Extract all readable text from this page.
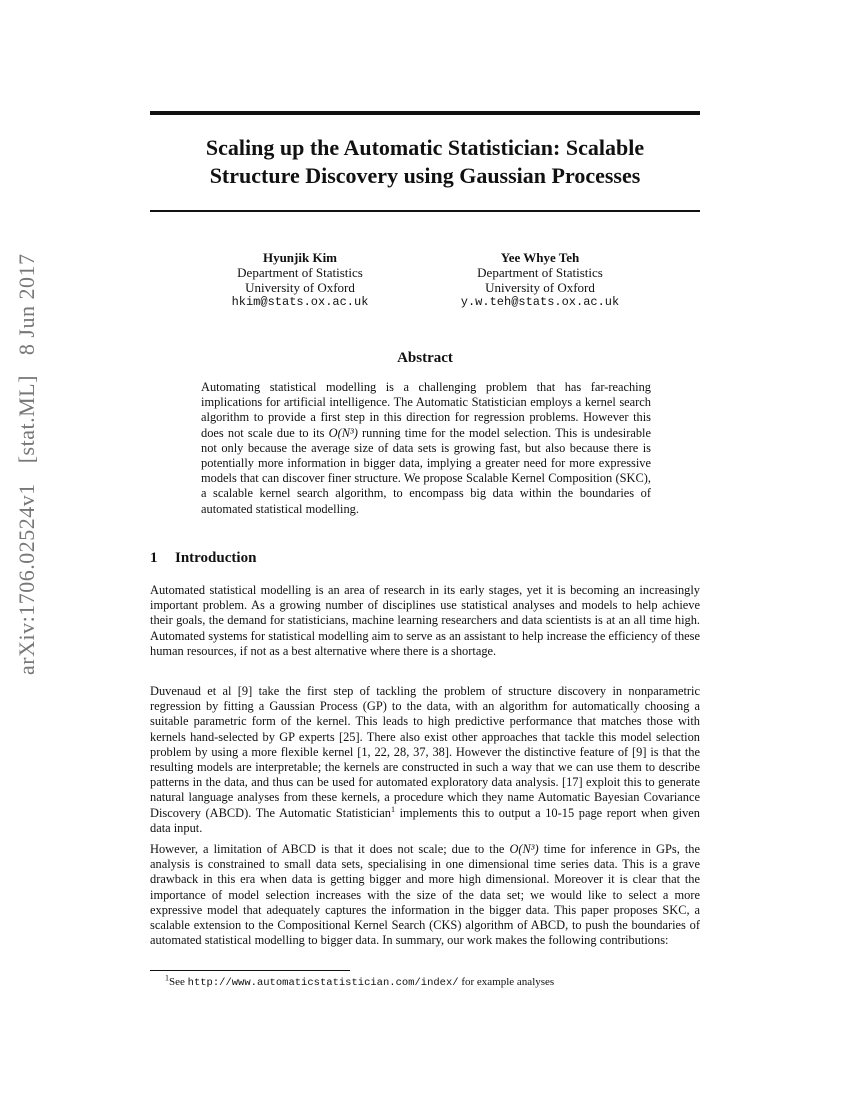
arXiv:1706.02524v1 [stat.ML] 8 Jun 2017
Scaling up the Automatic Statistician: Scalable
Structure Discovery using Gaussian Processes
Hyunjik Kim
Department of Statistics
University of Oxford
hkim@stats.ox.ac.uk
Yee Whye Teh
Department of Statistics
University of Oxford
y.w.teh@stats.ox.ac.uk
Abstract

Automating statistical modelling is a challenging problem that has far-reaching implications for artificial intelligence. The Automatic Statistician employs a kernel search algorithm to provide a first step in this direction for regression problems. However this does not scale due to its O(N³) running time for the model selection. This is undesirable not only because the average size of data sets is growing fast, but also because there is potentially more information in bigger data, implying a greater need for more expressive models that can discover finer structure. We propose Scalable Kernel Composition (SKC), a scalable kernel search algorithm, to encompass big data within the boundaries of automated statistical modelling.

1 Introduction

Automated statistical modelling is an area of research in its early stages, yet it is becoming an increasingly important problem. As a growing number of disciplines use statistical analyses and models to help achieve their goals, the demand for statisticians, machine learning researchers and data scientists is at an all time high. Automated systems for statistical modelling aim to serve as an assistant to help increase the efficiency of these human resources, if not as a best alternative where there is a shortage.

Duvenaud et al [9] take the first step of tackling the problem of structure discovery in nonparametric regression by fitting a Gaussian Process (GP) to the data, with an algorithm for automatically choosing a suitable parametric form of the kernel. This leads to high predictive performance that matches those with kernels hand-selected by GP experts [25]. There also exist other approaches that tackle this model selection problem by using a more flexible kernel [1, 22, 28, 37, 38]. However the distinctive feature of [9] is that the resulting models are interpretable; the kernels are constructed in such a way that we can use them to describe patterns in the data, and thus can be used for automated exploratory data analysis. [17] exploit this to generate natural language analyses from these kernels, a procedure which they name Automatic Bayesian Covariance Discovery (ABCD). The Automatic Statistician$^1$ implements this to output a 10-15 page report when given data input.

However, a limitation of ABCD is that it does not scale; due to the O(N³) time for inference in GPs, the analysis is constrained to small data sets, specialising in one dimensional time series data. This is a grave drawback in this era when data is getting bigger and more high dimensional. Moreover it is clear that the importance of model selection increases with the size of the data set; we would like to select a more expressive model that adequately captures the information in the bigger data. This paper proposes SKC, a scalable extension to the Compositional Kernel Search (CKS) algorithm of ABCD, to push the boundaries of automated statistical modelling to bigger data. In summary, our work makes the following contributions:

$^1$See http://www.automaticstatistician.com/index/ for example analyses
